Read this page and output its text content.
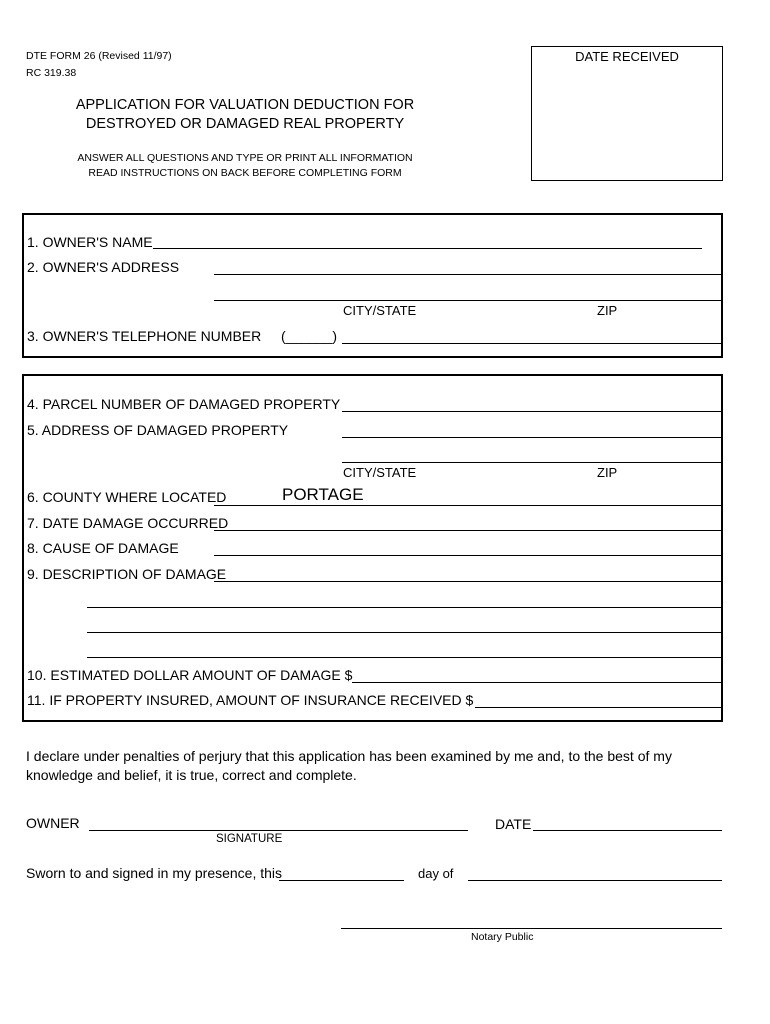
DTE FORM 26 (Revised 11/97)
RC 319.38
DATE RECEIVED
APPLICATION FOR VALUATION DEDUCTION FOR
DESTROYED OR DAMAGED REAL PROPERTY
ANSWER ALL QUESTIONS AND TYPE OR PRINT ALL INFORMATION
READ INSTRUCTIONS ON BACK BEFORE COMPLETING FORM
1. OWNER'S NAME
2. OWNER'S ADDRESS
CITY/STATE	ZIP
3. OWNER'S TELEPHONE NUMBER (______)
4. PARCEL NUMBER OF DAMAGED PROPERTY
5. ADDRESS OF DAMAGED PROPERTY
CITY/STATE	ZIP
6. COUNTY WHERE LOCATED	PORTAGE
7. DATE DAMAGE OCCURRED
8. CAUSE OF DAMAGE
9. DESCRIPTION OF DAMAGE
10. ESTIMATED DOLLAR AMOUNT OF DAMAGE $
11. IF PROPERTY INSURED, AMOUNT OF INSURANCE RECEIVED $
I declare under penalties of perjury that this application has been examined by me and, to the best of my
knowledge and belief, it is true, correct and complete.
OWNER
SIGNATURE
DATE
Sworn to and signed in my presence, this	day of
Notary Public
